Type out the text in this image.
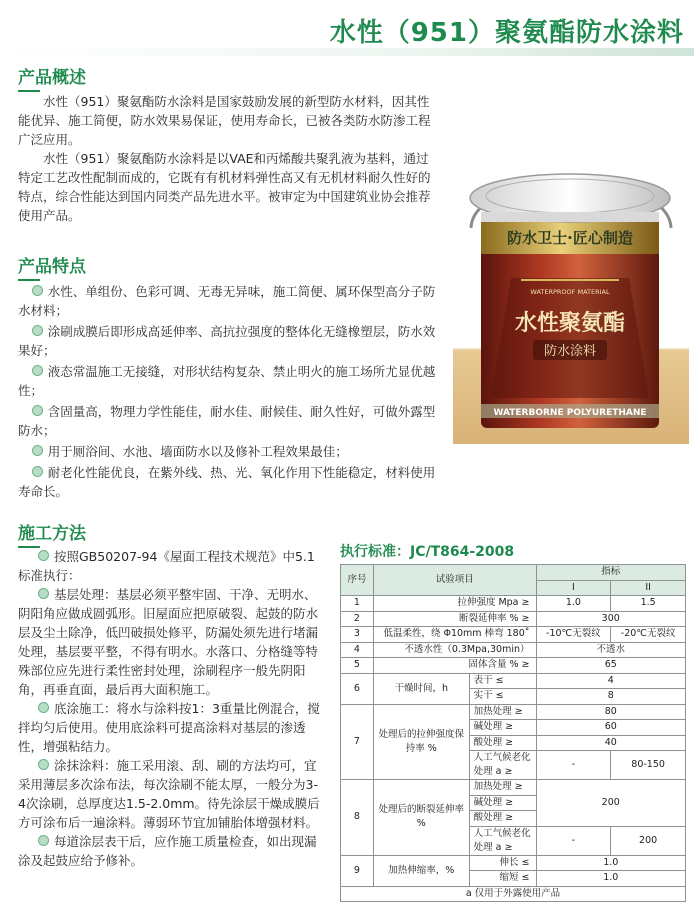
水性（951）聚氨酯防水涂料
产品概述

水性（951）聚氨酯防水涂料是国家鼓励发展的新型防水材料，因其性能优异、施工简便，防水效果易保证，使用寿命长，已被各类防水防渗工程广泛应用。

水性（951）聚氨酯防水涂料是以VAE和丙烯酸共聚乳液为基料，通过特定工艺改性配制而成的，它既有有机材料弹性高又有无机材料耐久性好的特点，综合性能达到国内同类产品先进水平。被审定为中国建筑业协会推荐使用产品。

产品特点

水性、单组份、色彩可调、无毒无异味，施工简便、属环保型高分子防水材料；

涂刷成膜后即形成高延伸率、高抗拉强度的整体化无缝橡塑层，防水效果好；

液态常温施工无接缝，对形状结构复杂、禁止明火的施工场所尤显优越性；

含固量高，物理力学性能佳，耐水佳、耐候佳、耐久性好，可做外露型防水；

用于厕浴间、水池、墙面防水以及修补工程效果最佳；

耐老化性能优良，在紫外线、热、光、氧化作用下性能稳定，材料使用寿命长。

施工方法

按照GB50207-94《屋面工程技术规范》中5.1标准执行：

基层处理：基层必须平整牢固、干净、无明水、阴阳角应做成圆弧形。旧屋面应把原破裂、起鼓的防水层及尘土除净，低凹破损处修平，防漏处须先进行堵漏处理，基层要平整，不得有明水。水落口、分格缝等特殊部位应先进行柔性密封处理，涂刷程序一般先阴阳角，再垂直面，最后再大面积施工。

底涂施工：将水与涂料按1：3重量比例混合，搅拌均匀后使用。使用底涂料可提高涂料对基层的渗透性，增强粘结力。

涂抹涂料：施工采用滚、刮、刷的方法均可，宜采用薄层多次涂布法，每次涂刷不能太厚，一般分为3-4次涂刷，总厚度达1.5-2.0mm。待先涂层干燥成膜后方可涂布后一遍涂料。薄弱环节宜加铺胎体增强材料。

每道涂层表干后，应作施工质量检查，如出现漏涂及起鼓应给予修补。

防水卫士·匠心制造
WATERPROOF MATERIAL
水性聚氨酯
防水涂料
WATERBORNE POLYURETHANE
执行标准：JC/T864-2008
序号	试验项目		指标	
			I	II
1	拉伸强度 Mpa ≥		1.0	1.5
2	断裂延伸率 % ≥		300	
3	低温柔性，绕 Φ10mm 棒弯 180˚		-10℃无裂纹	-20℃无裂纹
4	不透水性（0.3Mpa,30min）		不透水	
5	固体含量 % ≥		65	
6	干燥时间，h	表干 ≤	4	
		实干 ≤	8	
7	处理后的拉伸强度保持率 %	加热处理 ≥	80	
		碱处理 ≥	60	
		酸处理 ≥	40	
		人工气候老化处理 a ≥	-	80-150
8	处理后的断裂延伸率 %	加热处理 ≥	200	
		碱处理 ≥		
		酸处理 ≥		
		人工气候老化处理 a ≥	-	200
9	加热伸缩率，%	伸长 ≤	1.0	
		缩短 ≤	1.0	
a 仅用于外露使用产品				
